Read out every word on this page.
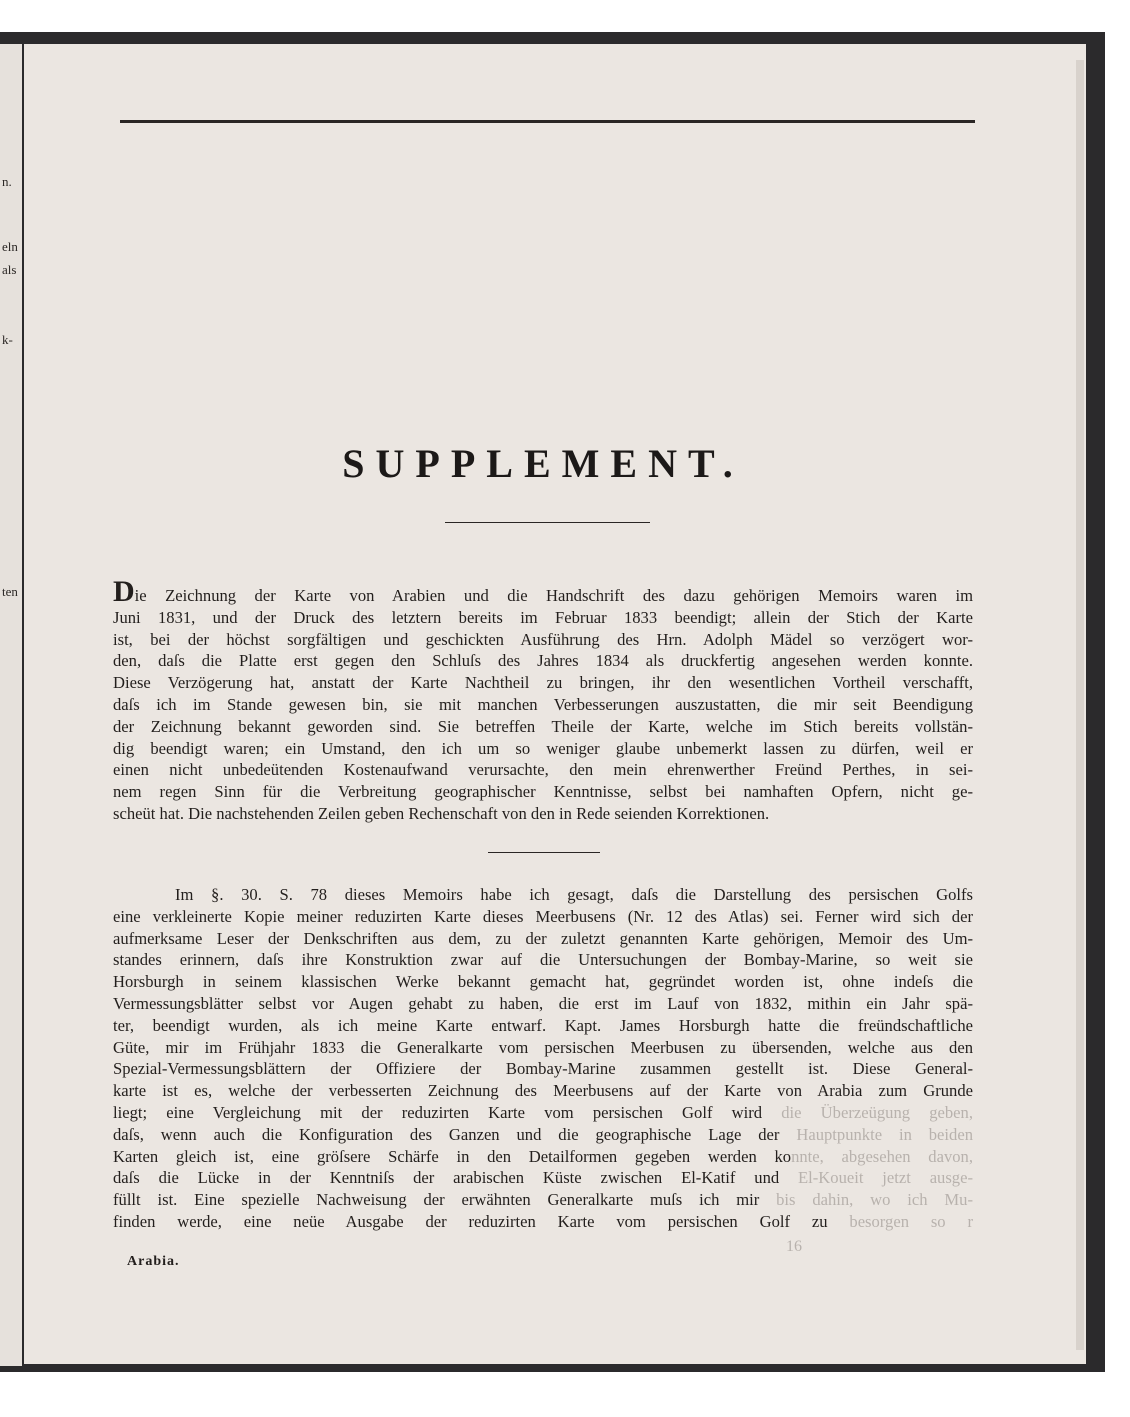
n.
eln
als
k-
ten
SUPPLEMENT.
Die Zeichnung der Karte von Arabien und die Handschrift des dazu gehörigen Memoirs waren im
Juni 1831, und der Druck des letztern bereits im Februar 1833 beendigt; allein der Stich der Karte
ist, bei der höchst sorgfältigen und geschickten Ausführung des Hrn. Adolph Mädel so verzögert wor-
den, daſs die Platte erst gegen den Schluſs des Jahres 1834 als druckfertig angesehen werden konnte.
Diese Verzögerung hat, anstatt der Karte Nachtheil zu bringen, ihr den wesentlichen Vortheil verschafft,
daſs ich im Stande gewesen bin, sie mit manchen Verbesserungen auszustatten, die mir seit Beendigung
der Zeichnung bekannt geworden sind. Sie betreffen Theile der Karte, welche im Stich bereits vollstän-
dig beendigt waren; ein Umstand, den ich um so weniger glaube unbemerkt lassen zu dürfen, weil er
einen nicht unbedeütenden Kostenaufwand verursachte, den mein ehrenwerther Freünd Perthes, in sei-
nem regen Sinn für die Verbreitung geographischer Kenntnisse, selbst bei namhaften Opfern, nicht ge-
scheüt hat. Die nachstehenden Zeilen geben Rechenschaft von den in Rede seienden Korrektionen.
Im §. 30. S. 78 dieses Memoirs habe ich gesagt, daſs die Darstellung des persischen Golfs
eine verkleinerte Kopie meiner reduzirten Karte dieses Meerbusens (Nr. 12 des Atlas) sei. Ferner wird sich der
aufmerksame Leser der Denkschriften aus dem, zu der zuletzt genannten Karte gehörigen, Memoir des Um-
standes erinnern, daſs ihre Konstruktion zwar auf die Untersuchungen der Bombay-Marine, so weit sie
Horsburgh in seinem klassischen Werke bekannt gemacht hat, gegründet worden ist, ohne indeſs die
Vermessungsblätter selbst vor Augen gehabt zu haben, die erst im Lauf von 1832, mithin ein Jahr spä-
ter, beendigt wurden, als ich meine Karte entwarf. Kapt. James Horsburgh hatte die freündschaftliche
Güte, mir im Frühjahr 1833 die Generalkarte vom persischen Meerbusen zu übersenden, welche aus den
Spezial-Vermessungsblättern der Offiziere der Bombay-Marine zusammen gestellt ist. Diese General-
karte ist es, welche der verbesserten Zeichnung des Meerbusens auf der Karte von Arabia zum Grunde
liegt; eine Vergleichung mit der reduzirten Karte vom persischen Golf wird die Überzeügung geben,
daſs, wenn auch die Konfiguration des Ganzen und die geographische Lage der Hauptpunkte in beiden
Karten gleich ist, eine gröſsere Schärfe in den Detailformen gegeben werden konnte, abgesehen davon,
daſs die Lücke in der Kenntniſs der arabischen Küste zwischen El-Katif und El-Koueit jetzt ausge-
füllt ist. Eine spezielle Nachweisung der erwähnten Generalkarte muſs ich mir bis dahin, wo ich Mu-
finden werde, eine neüe Ausgabe der reduzirten Karte vom persischen Golf zu besorgen so r
Arabia.
16
